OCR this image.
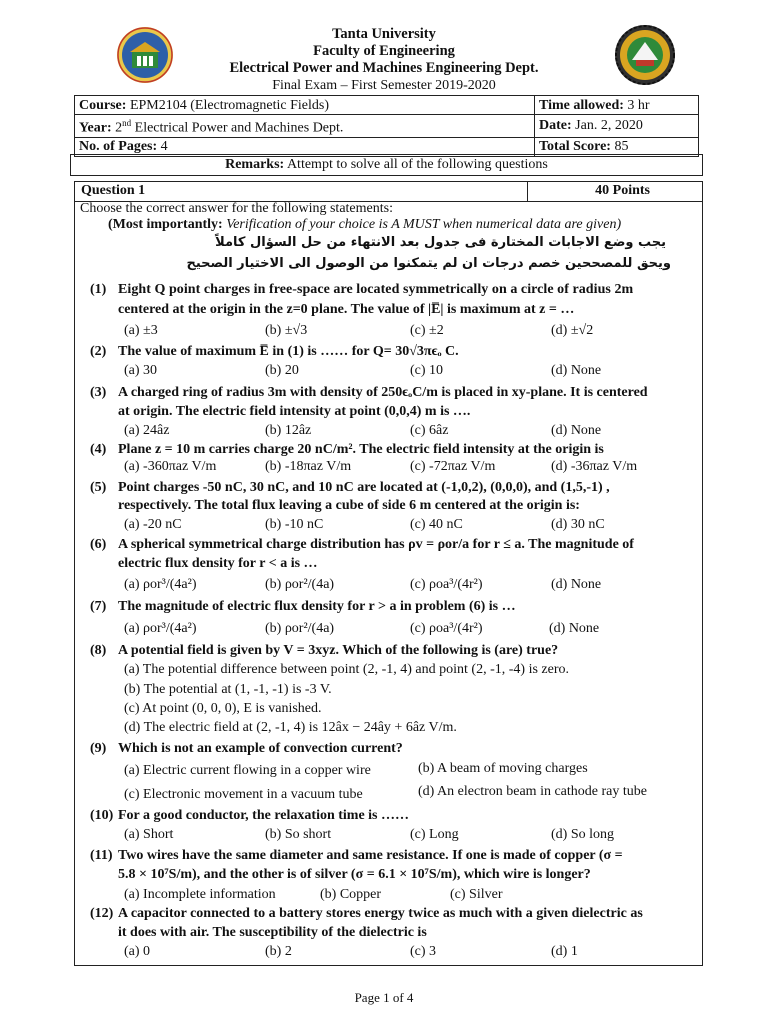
Tanta University
Faculty of Engineering
Electrical Power and Machines Engineering Dept.
Final Exam – First Semester 2019-2020
Course: EPM2104 (Electromagnetic Fields)	Time allowed: 3 hr
Year: 2nd Electrical Power and Machines Dept.	Date: Jan. 2, 2020
No. of Pages: 4	Total Score: 85
Remarks: Attempt to solve all of the following questions
Question 1	40 Points
Choose the correct answer for the following statements:
(Most importantly: Verification of your choice is A MUST when numerical data are given)
يجب وضع الاجابات المختارة فى جدول بعد الانتهاء من حل السؤال كاملاً
ويحق للمصححين خصم درجات ان لم يتمكنوا من الوصول الى الاختيار الصحيح
(1) Eight Q point charges in free-space are located symmetrically on a circle of radius 2m
centered at the origin in the z=0 plane. The value of |E̅| is maximum at z = …
(a) ±3	(b) ±√3	(c) ±2	(d) ±√2
(2) The value of maximum E̅ in (1) is …… for Q= 30√3πϵₒ C.
(a) 30	(b) 20	(c) 10	(d) None
(3) A charged ring of radius 3m with density of 250ϵₒC/m is placed in xy-plane. It is centered
at origin. The electric field intensity at point (0,0,4) m is ….
(a) 24âz	(b) 12âz	(c) 6âz	(d) None
(4) Plane z = 10 m carries charge 20 nC/m². The electric field intensity at the origin is
(a) -360πaz V/m	(b) -18πaz V/m	(c) -72πaz V/m	(d) -36πaz V/m
(5) Point charges -50 nC, 30 nC, and 10 nC are located at (-1,0,2), (0,0,0), and (1,5,-1) ,
respectively. The total flux leaving a cube of side 6 m centered at the origin is:
(a) -20 nC	(b) -10 nC	(c) 40 nC	(d) 30 nC
(6) A spherical symmetrical charge distribution has ρv = ρor/a for r ≤ a. The magnitude of
electric flux density for r < a is …
(a) ρor³/(4a²)	(b) ρor²/(4a)	(c) ρoa³/(4r²)	(d) None
(7) The magnitude of electric flux density for r > a in problem (6) is …
(a) ρor³/(4a²)	(b) ρor²/(4a)	(c) ρoa³/(4r²)	(d) None
(8) A potential field is given by V = 3xyz. Which of the following is (are) true?
(a) The potential difference between point (2, -1, 4) and point (2, -1, -4) is zero.
(b) The potential at (1, -1, -1) is -3 V.
(c) At point (0, 0, 0), E is vanished.
(d) The electric field at (2, -1, 4) is 12âx − 24ây + 6âz V/m.
(9) Which is not an example of convection current?
(a) Electric current flowing in a copper wire	(b) A beam of moving charges
(c) Electronic movement in a vacuum tube	(d) An electron beam in cathode ray tube
(10) For a good conductor, the relaxation time is ……
(a) Short	(b) So short	(c) Long	(d) So long
(11) Two wires have the same diameter and same resistance. If one is made of copper (σ =
5.8 × 10⁷S/m), and the other is of silver (σ = 6.1 × 10⁷S/m), which wire is longer?
(a) Incomplete information	(b) Copper	(c) Silver
(12) A capacitor connected to a battery stores energy twice as much with a given dielectric as
it does with air. The susceptibility of the dielectric is
(a) 0	(b) 2	(c) 3	(d) 1
Page 1 of 4
